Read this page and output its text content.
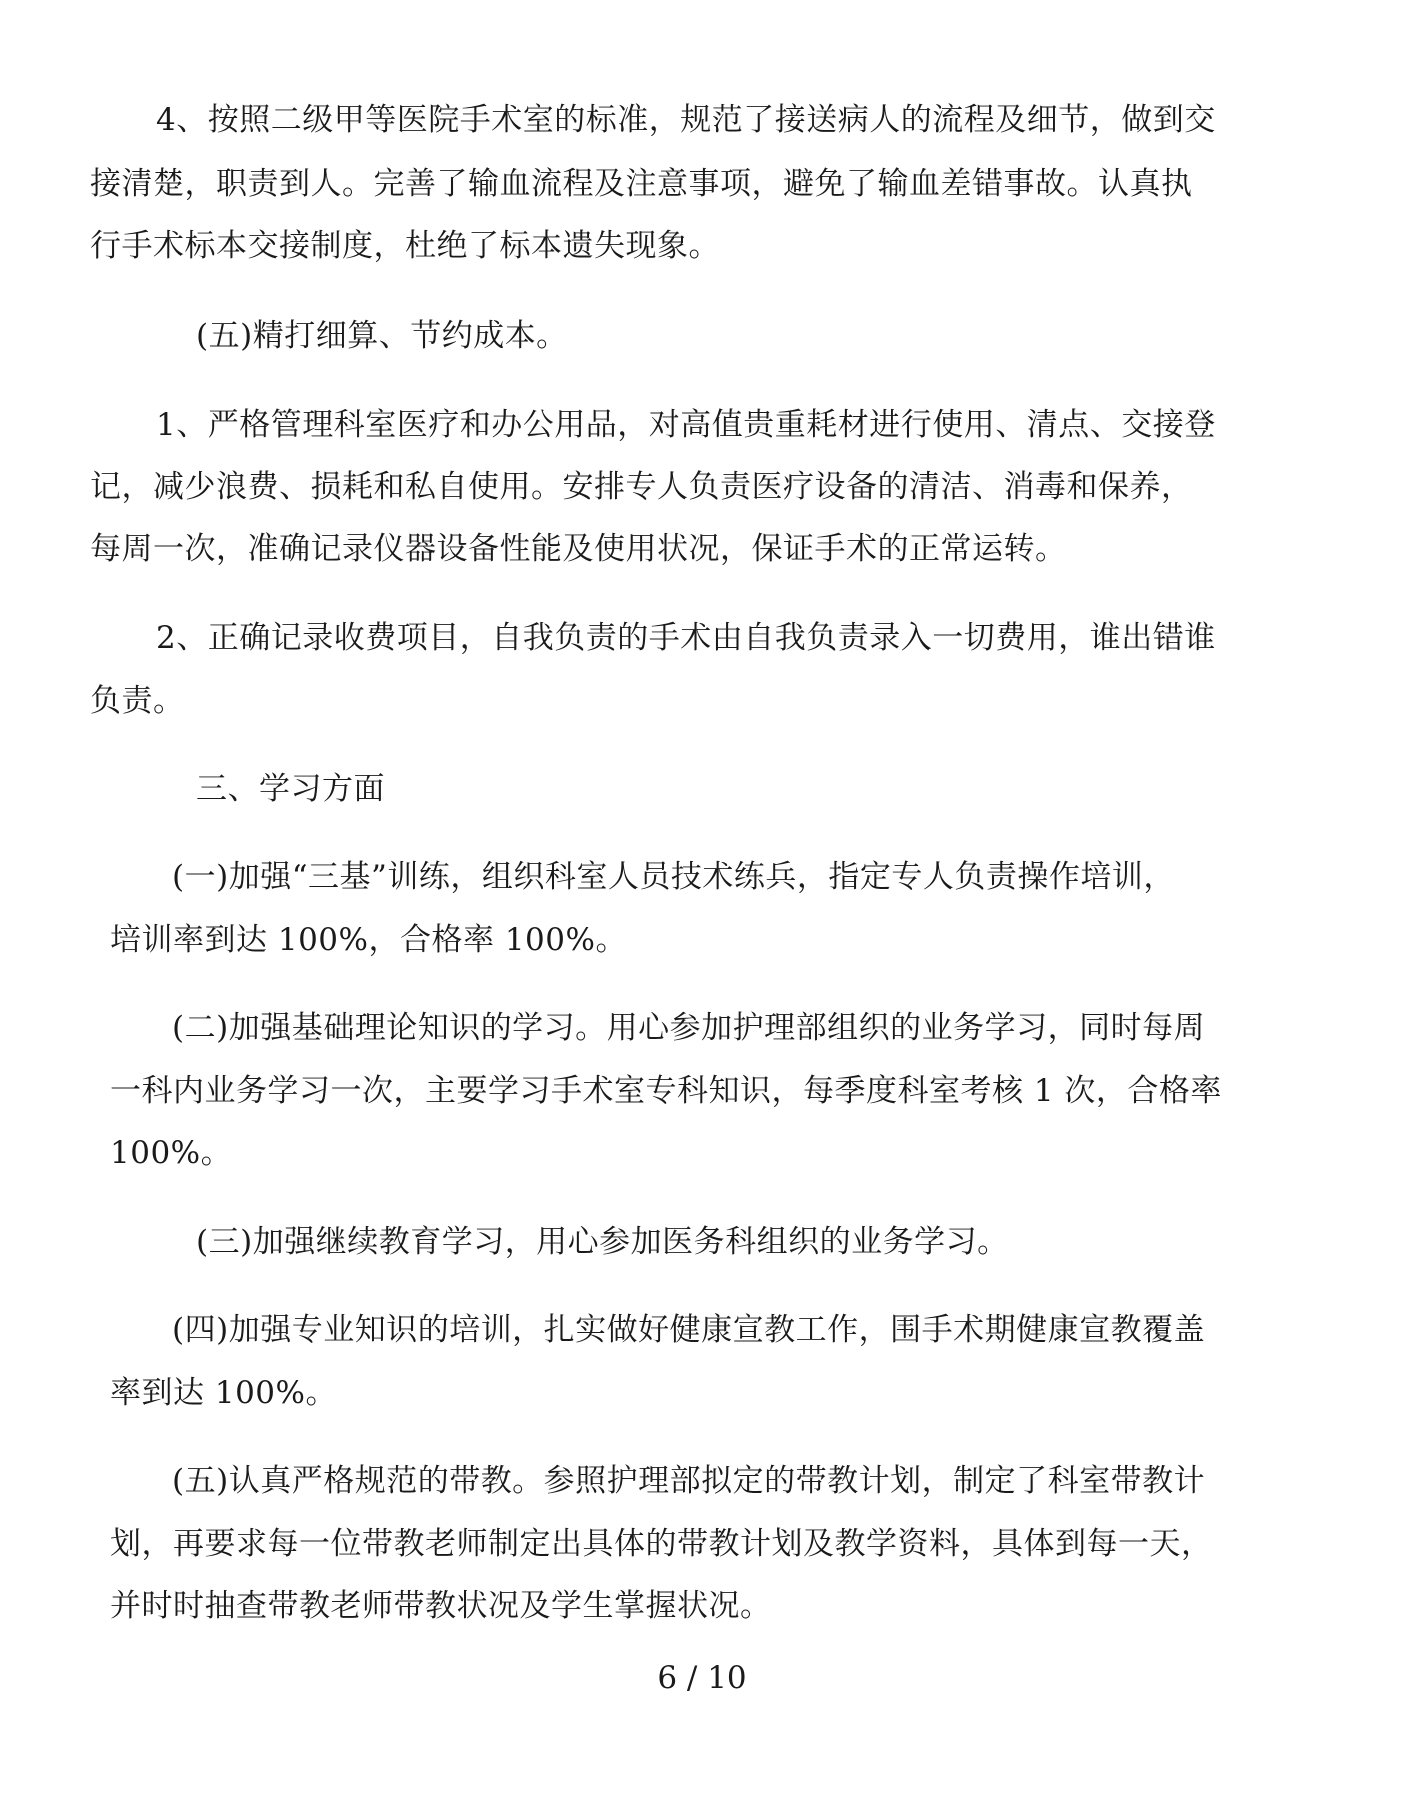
4、按照二级甲等医院手术室的标准，规范了接送病人的流程及细节，做到交
接清楚，职责到人。完善了输血流程及注意事项，避免了输血差错事故。认真执
行手术标本交接制度，杜绝了标本遗失现象。
(五)精打细算、节约成本。
1、严格管理科室医疗和办公用品，对高值贵重耗材进行使用、清点、交接登
记，减少浪费、损耗和私自使用。安排专人负责医疗设备的清洁、消毒和保养，
每周一次，准确记录仪器设备性能及使用状况，保证手术的正常运转。
2、正确记录收费项目，自我负责的手术由自我负责录入一切费用，谁出错谁
负责。
三、学习方面
(一)加强“三基”训练，组织科室人员技术练兵，指定专人负责操作培训，
培训率到达 100%，合格率 100%。
(二)加强基础理论知识的学习。用心参加护理部组织的业务学习，同时每周
一科内业务学习一次，主要学习手术室专科知识，每季度科室考核 1 次，合格率
100%。
(三)加强继续教育学习，用心参加医务科组织的业务学习。
(四)加强专业知识的培训，扎实做好健康宣教工作，围手术期健康宣教覆盖
率到达 100%。
(五)认真严格规范的带教。参照护理部拟定的带教计划，制定了科室带教计
划，再要求每一位带教老师制定出具体的带教计划及教学资料，具体到每一天，
并时时抽查带教老师带教状况及学生掌握状况。
6 / 10
